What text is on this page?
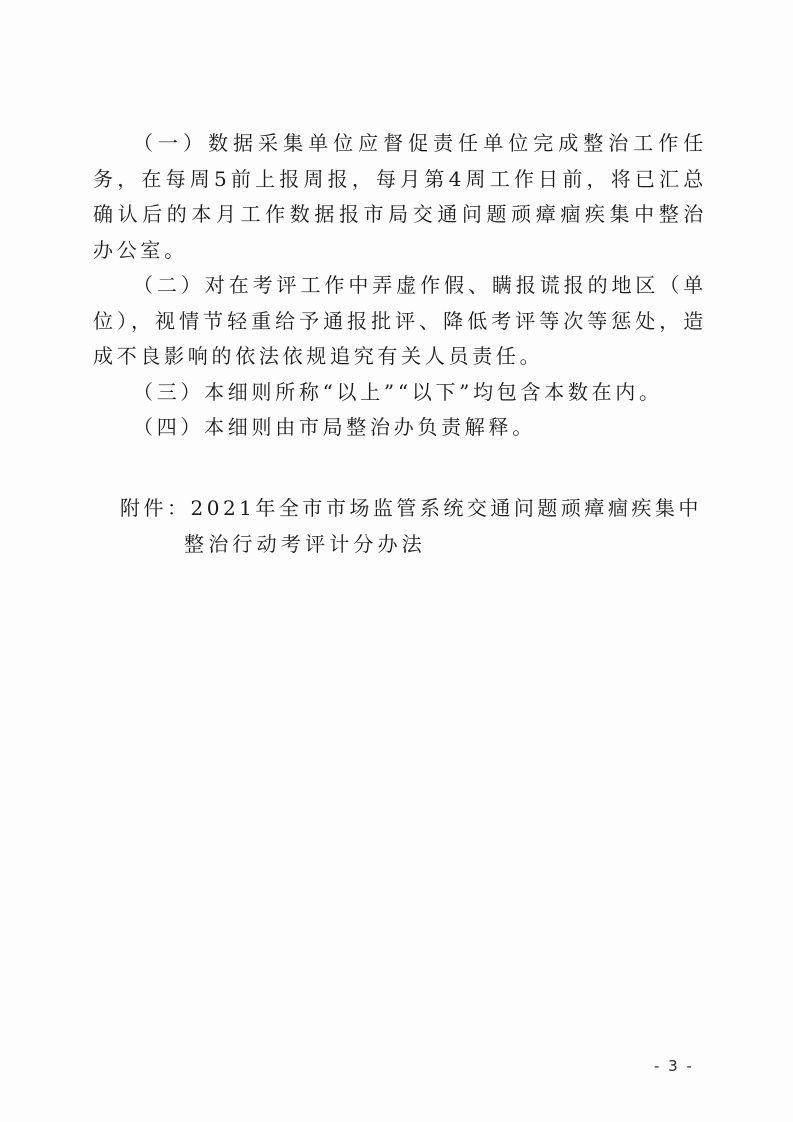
（一）数据采集单位应督促责任单位完成整治工作任务，在每周5前上报周报，每月第4周工作日前，将已汇总确认后的本月工作数据报市局交通问题顽瘴痼疾集中整治办公室。

（二）对在考评工作中弄虚作假、瞒报谎报的地区（单位），视情节轻重给予通报批评、降低考评等次等惩处，造成不良影响的依法依规追究有关人员责任。

（三）本细则所称“以上”“以下”均包含本数在内。

（四）本细则由市局整治办负责解释。

附件：2021年全市市场监管系统交通问题顽瘴痼疾集中
整治行动考评计分办法
- 3 -
